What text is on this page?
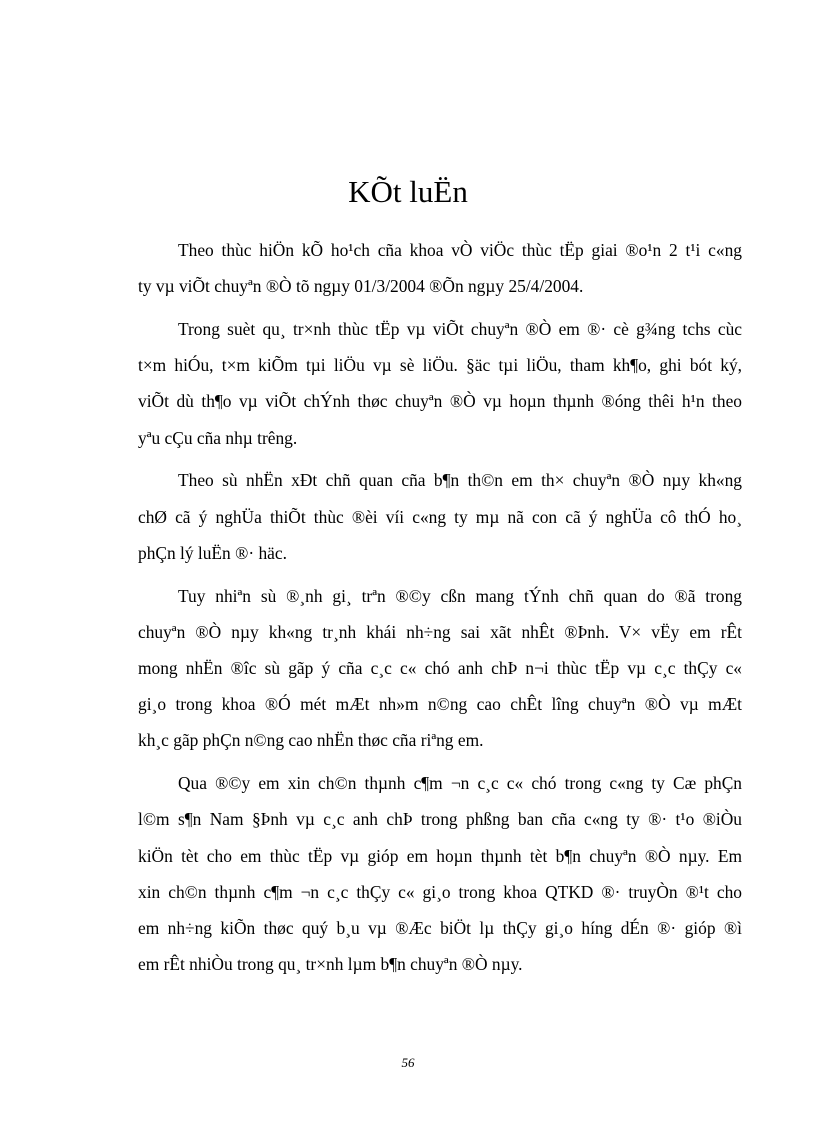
KÕt luËn

Theo thùc hiÖn kÕ ho¹ch cña khoa vÒ viÖc thùc tËp giai ®o¹n 2 t¹i c«ng
ty vµ viÕt chuyªn ®Ò tõ ngµy 01/3/2004 ®Õn ngµy 25/4/2004.

Trong suèt qu¸ tr×nh thùc tËp vµ viÕt chuyªn ®Ò em ®· cè g¾ng tchs cùc
t×m hiÓu, t×m kiÕm tµi liÖu vµ sè liÖu. §äc tµi liÖu, tham kh¶o, ghi bót ký,
viÕt dù th¶o vµ viÕt chÝnh thøc chuyªn ®Ò vµ hoµn thµnh ®óng thêi h¹n theo
yªu cÇu cña nhµ trêng.

Theo sù nhËn xÐt chñ quan cña b¶n th©n em th× chuyªn ®Ò nµy kh«ng
chØ cã ý nghÜa thiÕt thùc ®èi víi c«ng ty mµ nã con cã ý nghÜa cô thÓ ho¸
phÇn lý luËn ®· häc.

Tuy nhiªn sù ®¸nh gi¸ trªn ®©y cßn mang tÝnh chñ quan do ®ã trong
chuyªn ®Ò nµy kh«ng tr¸nh khái nh÷ng sai xãt nhÊt ®Þnh. V× vËy em rÊt
mong nhËn ®îc sù gãp ý cña c¸c c« chó anh chÞ n¬i thùc tËp vµ c¸c thÇy c«
gi¸o trong khoa ®Ó mét mÆt nh»m n©ng cao chÊt lîng chuyªn ®Ò vµ mÆt
kh¸c gãp phÇn n©ng cao nhËn thøc cña riªng em.

Qua ®©y em xin ch©n thµnh c¶m ¬n c¸c c« chó trong c«ng ty Cæ phÇn
l©m s¶n Nam §Þnh vµ c¸c anh chÞ trong phßng ban cña c«ng ty ®· t¹o ®iÒu
kiÖn tèt cho em thùc tËp vµ gióp em hoµn thµnh tèt b¶n chuyªn ®Ò nµy. Em
xin ch©n thµnh c¶m ¬n c¸c thÇy c« gi¸o trong khoa QTKD ®· truyÒn ®¹t cho
em nh÷ng kiÕn thøc quý b¸u vµ ®Æc biÖt lµ thÇy gi¸o híng dÉn ®· gióp ®ì
em rÊt nhiÒu trong qu¸ tr×nh lµm b¶n chuyªn ®Ò nµy.

56
